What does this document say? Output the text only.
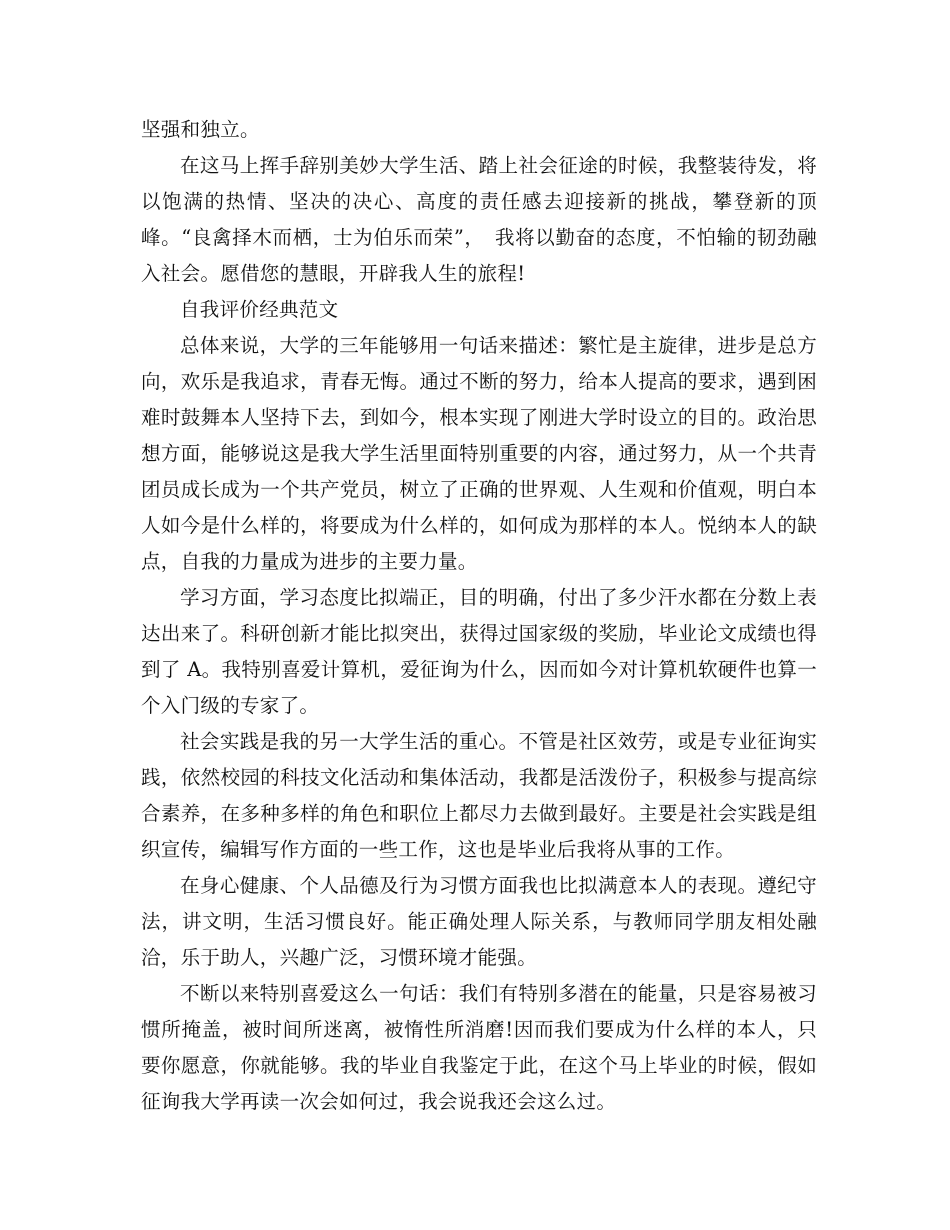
坚强和独立。

在这马上挥手辞别美妙大学生活、踏上社会征途的时候，我整装待发，将以饱满的热情、坚决的决心、高度的责任感去迎接新的挑战，攀登新的顶峰。“良禽择木而栖，士为伯乐而荣”，　我将以勤奋的态度，不怕输的韧劲融入社会。愿借您的慧眼，开辟我人生的旅程!

自我评价经典范文

总体来说，大学的三年能够用一句话来描述：繁忙是主旋律，进步是总方向，欢乐是我追求，青春无悔。通过不断的努力，给本人提高的要求，遇到困难时鼓舞本人坚持下去，到如今，根本实现了刚进大学时设立的目的。政治思想方面，能够说这是我大学生活里面特别重要的内容，通过努力，从一个共青团员成长成为一个共产党员，树立了正确的世界观、人生观和价值观，明白本人如今是什么样的，将要成为什么样的，如何成为那样的本人。悦纳本人的缺点，自我的力量成为进步的主要力量。

学习方面，学习态度比拟端正，目的明确，付出了多少汗水都在分数上表达出来了。科研创新才能比拟突出，获得过国家级的奖励，毕业论文成绩也得到了 A。我特别喜爱计算机，爱征询为什么，因而如今对计算机软硬件也算一个入门级的专家了。

社会实践是我的另一大学生活的重心。不管是社区效劳，或是专业征询实践，依然校园的科技文化活动和集体活动，我都是活泼份子，积极参与提高综合素养，在多种多样的角色和职位上都尽力去做到最好。主要是社会实践是组织宣传，编辑写作方面的一些工作，这也是毕业后我将从事的工作。

在身心健康、个人品德及行为习惯方面我也比拟满意本人的表现。遵纪守法，讲文明，生活习惯良好。能正确处理人际关系，与教师同学朋友相处融洽，乐于助人，兴趣广泛，习惯环境才能强。

不断以来特别喜爱这么一句话：我们有特别多潜在的能量，只是容易被习惯所掩盖，被时间所迷离，被惰性所消磨!因而我们要成为什么样的本人，只要你愿意，你就能够。我的毕业自我鉴定于此，在这个马上毕业的时候，假如征询我大学再读一次会如何过，我会说我还会这么过。
